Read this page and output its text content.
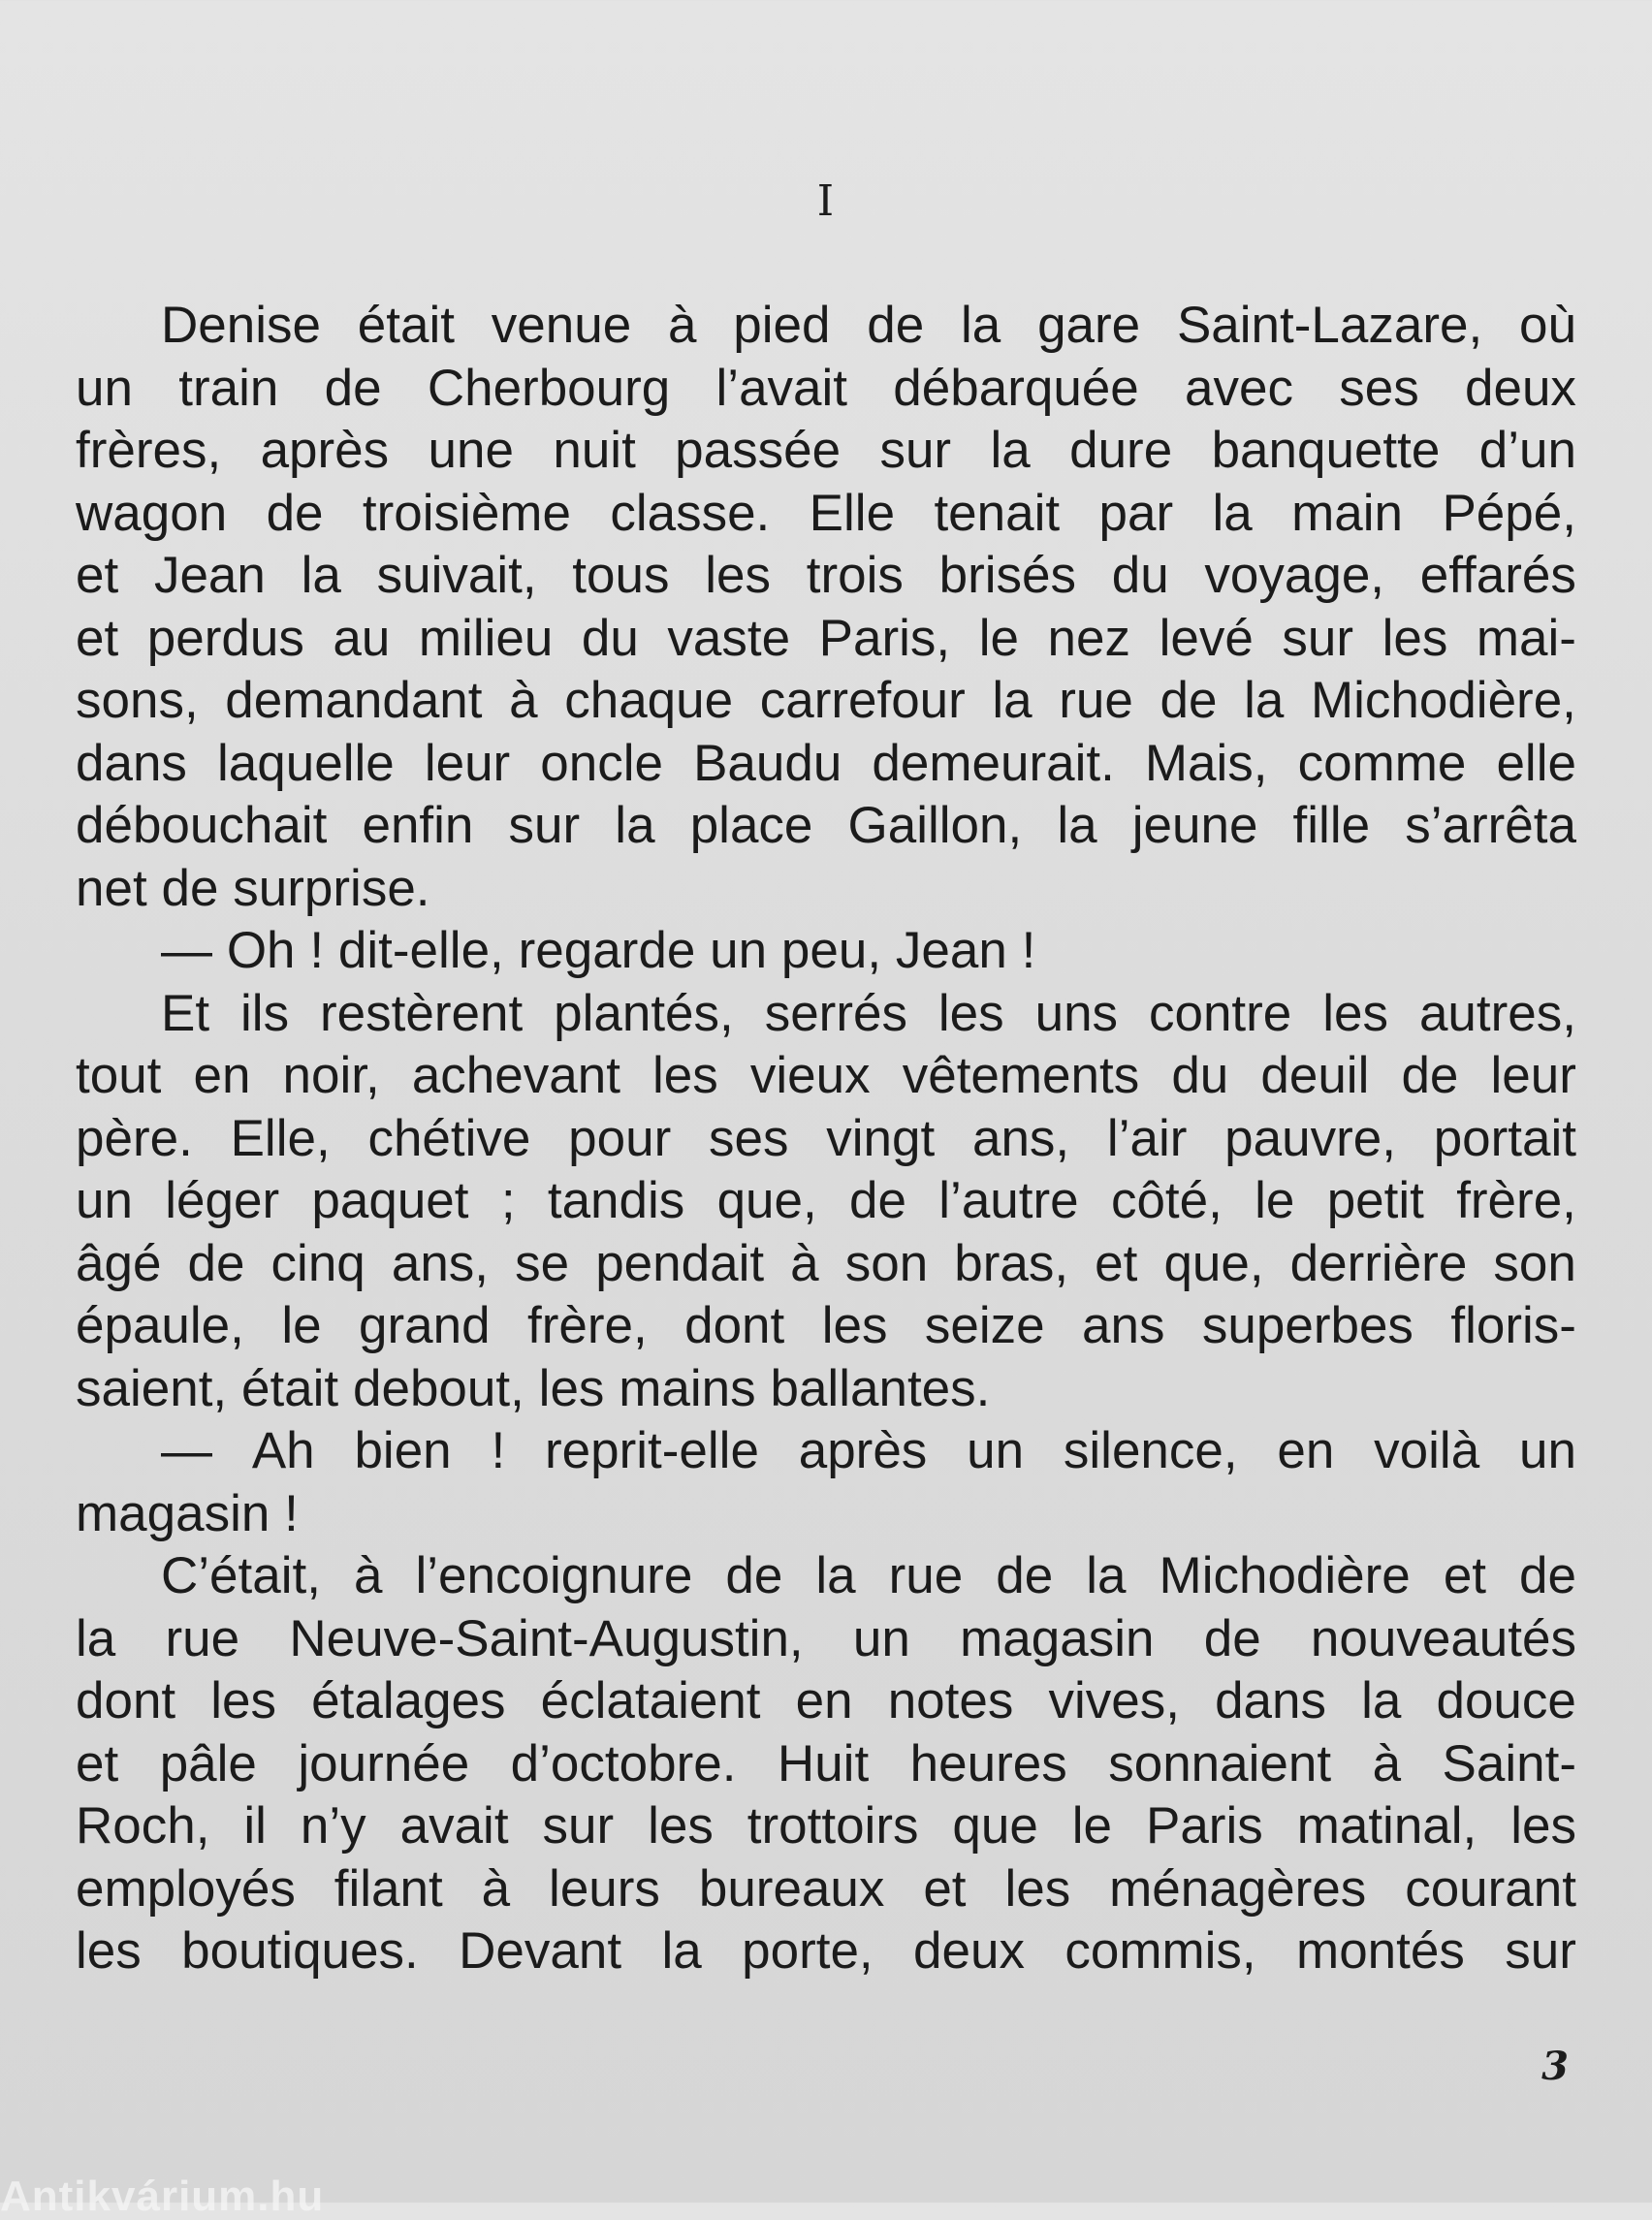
I
Denise était venue à pied de la gare Saint-Lazare, où
un train de Cherbourg l’avait débarquée avec ses deux
frères, après une nuit passée sur la dure banquette d’un
wagon de troisième classe. Elle tenait par la main Pépé,
et Jean la suivait, tous les trois brisés du voyage, effarés
et perdus au milieu du vaste Paris, le nez levé sur les mai-
sons, demandant à chaque carrefour la rue de la Michodière,
dans laquelle leur oncle Baudu demeurait. Mais, comme elle
débouchait enfin sur la place Gaillon, la jeune fille s’arrêta
net de surprise.
— Oh ! dit-elle, regarde un peu, Jean !
Et ils restèrent plantés, serrés les uns contre les autres,
tout en noir, achevant les vieux vêtements du deuil de leur
père. Elle, chétive pour ses vingt ans, l’air pauvre, portait
un léger paquet ; tandis que, de l’autre côté, le petit frère,
âgé de cinq ans, se pendait à son bras, et que, derrière son
épaule, le grand frère, dont les seize ans superbes floris-
saient, était debout, les mains ballantes.
— Ah bien ! reprit-elle après un silence, en voilà un
magasin !
C’était, à l’encoignure de la rue de la Michodière et de
la rue Neuve-Saint-Augustin, un magasin de nouveautés
dont les étalages éclataient en notes vives, dans la douce
et pâle journée d’octobre. Huit heures sonnaient à Saint-
Roch, il n’y avait sur les trottoirs que le Paris matinal, les
employés filant à leurs bureaux et les ménagères courant
les boutiques. Devant la porte, deux commis, montés sur
3
Antikvárium.hu
